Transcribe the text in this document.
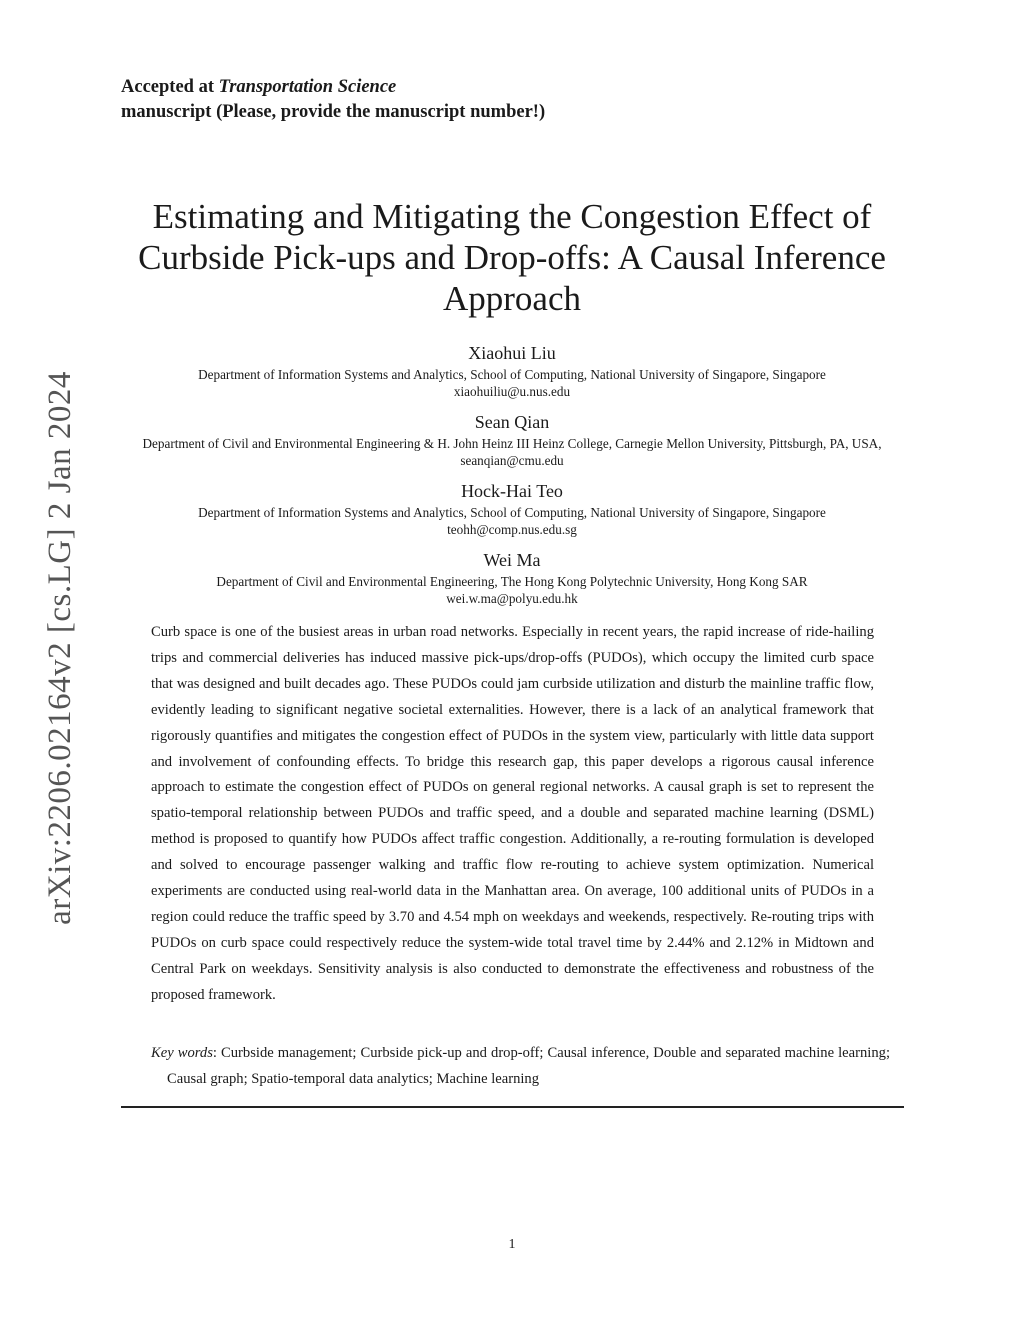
arXiv:2206.02164v2 [cs.LG] 2 Jan 2024
Accepted at Transportation Science
manuscript (Please, provide the manuscript number!)
Estimating and Mitigating the Congestion Effect of Curbside Pick-ups and Drop-offs: A Causal Inference Approach
Xiaohui Liu
Department of Information Systems and Analytics, School of Computing, National University of Singapore, Singapore
xiaohuiliu@u.nus.edu
Sean Qian
Department of Civil and Environmental Engineering & H. John Heinz III Heinz College, Carnegie Mellon University, Pittsburgh, PA, USA, seanqian@cmu.edu
Hock-Hai Teo
Department of Information Systems and Analytics, School of Computing, National University of Singapore, Singapore
teohh@comp.nus.edu.sg
Wei Ma
Department of Civil and Environmental Engineering, The Hong Kong Polytechnic University, Hong Kong SAR
wei.w.ma@polyu.edu.hk

Curb space is one of the busiest areas in urban road networks. Especially in recent years, the rapid increase of ride-hailing trips and commercial deliveries has induced massive pick-ups/drop-offs (PUDOs), which occupy the limited curb space that was designed and built decades ago. These PUDOs could jam curbside utilization and disturb the mainline traffic flow, evidently leading to significant negative societal externalities. However, there is a lack of an analytical framework that rigorously quantifies and mitigates the congestion effect of PUDOs in the system view, particularly with little data support and involvement of confounding effects. To bridge this research gap, this paper develops a rigorous causal inference approach to estimate the congestion effect of PUDOs on general regional networks. A causal graph is set to represent the spatio-temporal relationship between PUDOs and traffic speed, and a double and separated machine learning (DSML) method is proposed to quantify how PUDOs affect traffic congestion. Additionally, a re-routing formulation is developed and solved to encourage passenger walking and traffic flow re-routing to achieve system optimization. Numerical experiments are conducted using real-world data in the Manhattan area. On average, 100 additional units of PUDOs in a region could reduce the traffic speed by 3.70 and 4.54 mph on weekdays and weekends, respectively. Re-routing trips with PUDOs on curb space could respectively reduce the system-wide total travel time by 2.44% and 2.12% in Midtown and Central Park on weekdays. Sensitivity analysis is also conducted to demonstrate the effectiveness and robustness of the proposed framework.

Key words: Curbside management; Curbside pick-up and drop-off; Causal inference, Double and separated machine learning; Causal graph; Spatio-temporal data analytics; Machine learning
1
